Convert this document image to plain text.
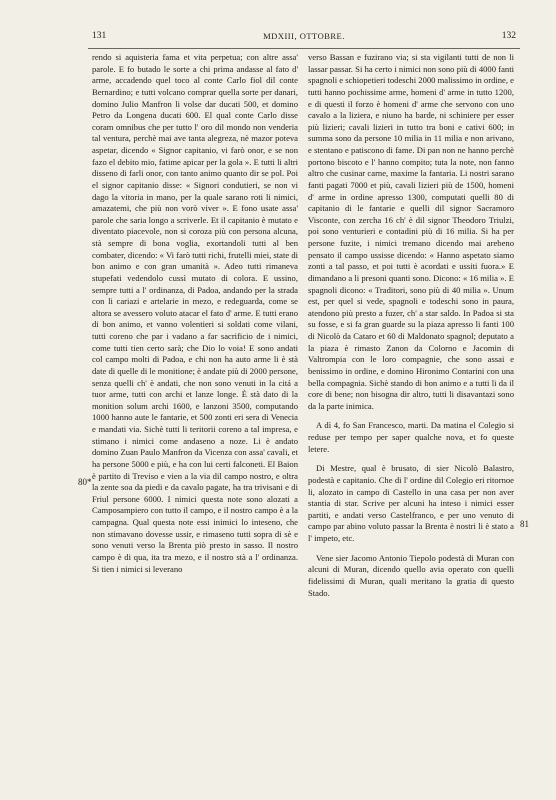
131	MDXIII, OTTOBRE.	132
80*
81

rendo si aquisteria fama et vita perpetua; con altre assa' parole. E fo butado le sorte a chi prima andasse al fato d' arme, accadendo quel toco al conte Carlo fiol dil conte Bernardino; e tutti volcano comprar quella sorte per danari, domino Julio Manfron li volse dar ducati 500, et domino Petro da Longena ducati 600. El qual conte Carlo disse coram omnibus che per tutto l' oro dil mondo non venderia tal ventura, perchè mai ave tanta alegreza, nè mazor poteva aspetar, dicendo « Signor capitanio, vi farò onor, e se non fazo el debito mio, fatime apicar per la gola ». E tutti li altri disseno di farli onor, con tanto animo quanto dir se pol. Poi el signor capitanio disse: « Signori condutieri, se non vi dago la vitoria in mano, per la quale sarano roti li nimici, amazatemi, che più non vorò viver ». E fono usate assa' parole che saria longo a scriverle. Et il capitanio è mutato e diventato piacevole, non si coroza più con persona alcuna, stà sempre di bona voglia, exortandoli tutti al ben combater, dicendo: « Vi farò tutti richi, frutelli miei, state di bon animo e con gran umanità ». Adeo tutti rimaneva stupefati vedendolo cussì mutato di colora. E ussino, sempre tutti a l' ordinanza, di Padoa, andando per la strada con li cariazi e artelarie in mezo, e redeguarda, come se altora se avessero voluto atacar el fato d' arme. E tutti erano di bon animo, et vanno volentieri si soldati come vilani, tutti coreno che par i vadano a far sacrificio de i nimici, come tutti tien certo sarà; che Dio lo voia! E sono andati col campo molti di Padoa, e chi non ha auto arme li è stà date di quelle di le monitione; è andate più di 2000 persone, senza quelli ch' è andati, che non sono venuti in la citá a tuor arme, tutti con archi et lanze longe. È stà dato di la monition solum archi 1600, e lanzoni 3500, computando 1000 hanno aute le fantarie, et 500 zonti eri sera di Venecia e mandati via. Sichè tutti li teritorii coreno a tal impresa, e stimano i nimici come andaseno a noze. Li è andato domino Zuan Paulo Manfron da Vicenza con assa' cavali, et ha persone 5000 e più, e ha con lui certi falconeti. El Baion è partito di Treviso e vien a la via dil campo nostro, e oltra la zente soa da piedi e da cavalo pagate, ha tra trivisani e di Friul persone 6000. I nimici questa note sono alozati a Camposampiero con tutto il campo, e il nostro campo è a la campagna. Qual questa note essi inimici lo inteseno, che non stimavano dovesse ussir, e rimaseno tutti sopra di sè e sono venuti verso la Brenta piò presto in sasso. Il nostro campo è di qua, ita tra mezo, e il nostro stà a l' ordinanza. Si tien i nimici si leverano

verso Bassan e fuzirano via; si sta vigilanti tutti de non li lassar passar. Si ha certo i nimici non sono più di 4000 fanti spagnoli e schiopetieri todeschi 2000 malissimo in ordine, e tutti hanno pochissime arme, homeni d' arme in tutto 1200, e di questi il forzo è homeni d' arme che servono con uno cavalo a la liziera, e niuno ha barde, ni schiniere per esser più lizieri; cavali lizieri in tutto tra boni e cativi 600; in summa sono da persone 10 milia in 11 milia e non arivano, e stentano e patiscono di fame. Di pan non ne hanno perchè portono biscoto e l' hanno compito; tuta la note, non fanno altro che cusinar carne, maxime la fantaria. Li nostri sarano fanti pagati 7000 et più, cavali lizieri più de 1500, homeni d' arme in ordine apresso 1300, computati quelli 80 di capitanio di le fantarie e quelli dil signor Sacramoro Visconte, con zercha 16 ch' è dil signor Theodoro Triulzi, poi sono venturieri e contadini più di 16 milia. Si ha per persone fuzite, i nimici tremano dicendo mai arebeno pensato il campo ussisse dicendo: « Hanno aspetato siamo zonti a tal passo, et poi tutti è acordati e ussiti fuora.» E dimandano a li presoni quanti sono. Dicono: « 16 milia ». E spagnoli dicono: « Traditori, sono più di 40 milia ». Unum est, per quel si vede, spagnoli e todeschi sono in paura, atendono più presto a fuzer, ch' a star saldo. In Padoa si sta su fosse, e si fa gran guarde su la piaza apresso li fanti 100 di Nicolò da Cataro et 60 di Maldonato spagnol; deputato a la piaza è rimasto Zanon da Colorno e Jacomin di Valtrompia con le loro compagnie, che sono assai e benissimo in ordine, e domino Hironimo Contarini con una bella compagnia. Sichè stando di bon animo e a tutti li da il core di bene; non bisogna dir altro, tutti li disavantazi sono da la parte inimica.

A dì 4, fo San Francesco, marti. Da matina el Colegio si reduse per tempo per saper qualche nova, et fo queste letere.

Di Mestre, qual è brusato, di sier Nicolò Balastro, podestà e capitanio. Che di l' ordine dil Colegio eri ritornoe li, alozato in campo di Castello in una casa per non aver stantia di star. Scrive per alcuni ha inteso i nimici esser partiti, e andati verso Castelfranco, e per uno venuto di campo par abino voluto passar la Brenta è nostri li è stato a l' impeto, etc.

Vene sier Jacomo Antonio Tiepolo podestà di Muran con alcuni di Muran, dicendo quello avia operato con quelli fidelissimi di Muran, quali meritano la gratia di questo Stado.
